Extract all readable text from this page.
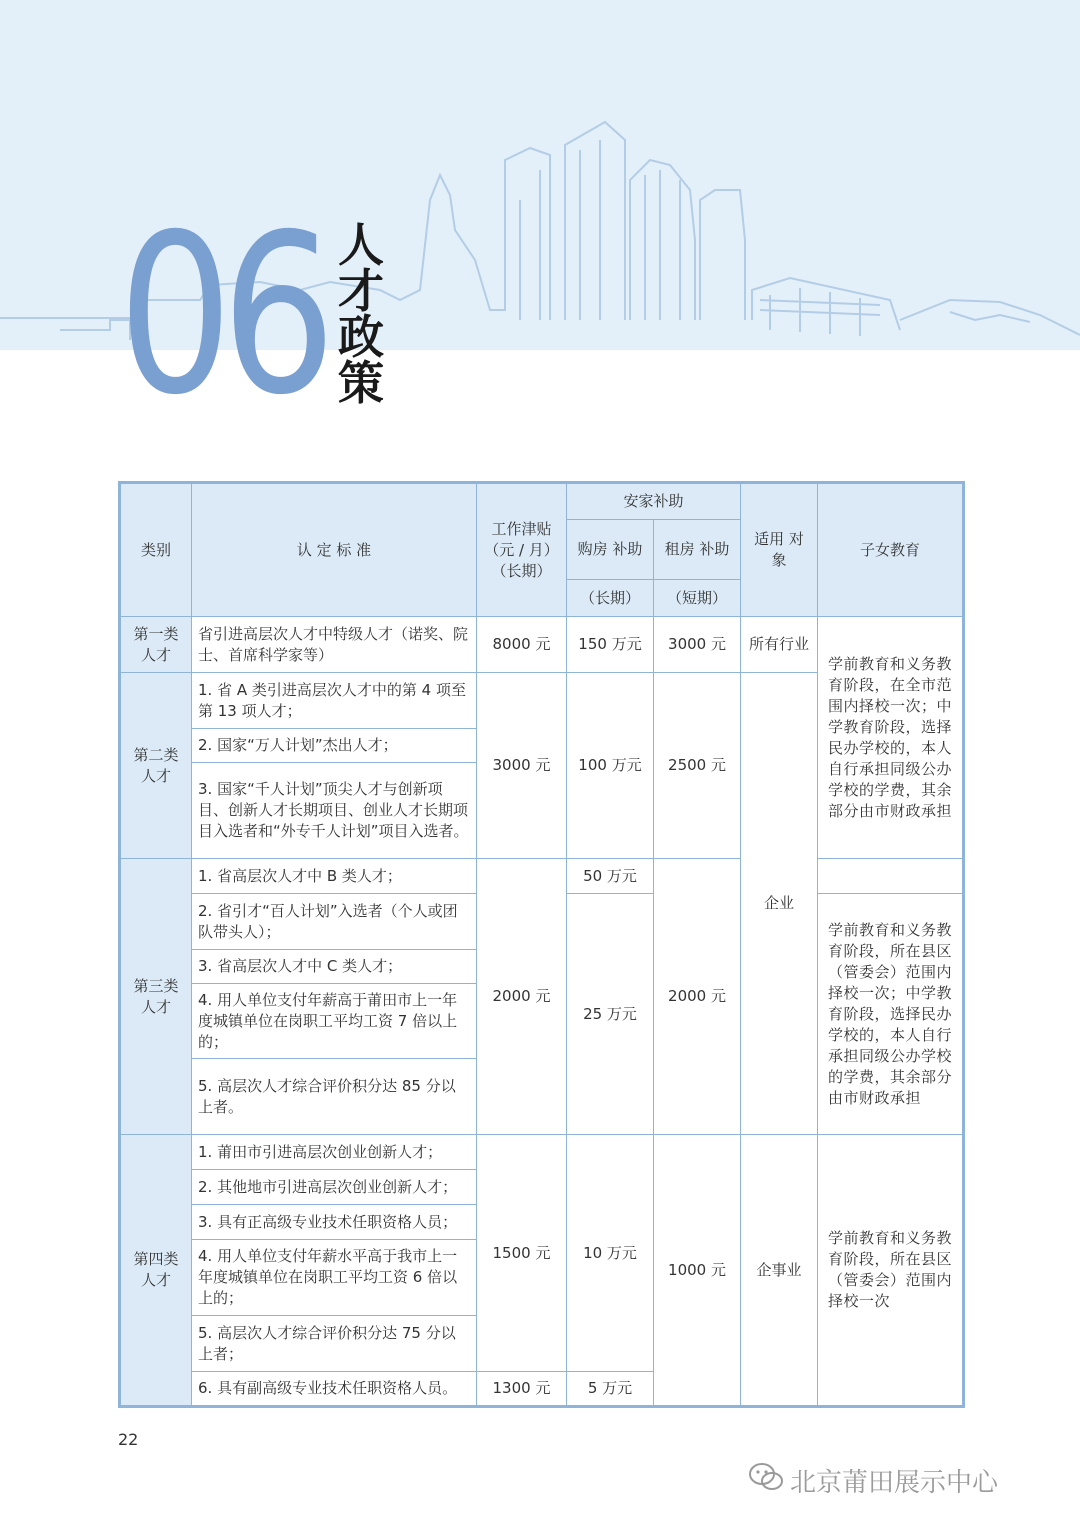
06 人
才
政
策
类别	认 定 标 准	工作津贴 （元 / 月） （长期）	安家补助		适用 对象	子女教育
			购房 补助	租房 补助		
			（长期）	（短期）		
第一类 人才	省引进高层次人才中特级人才（诺奖、院士、首席科学家等）	8000 元	150 万元	3000 元	所有行业	学前教育和义务教育阶段，在全市范围内择校一次；中学教育阶段，选择民办学校的，本人自行承担同级公办学校的学费，其余部分由市财政承担
第二类 人才	1. 省 A 类引进高层次人才中的第 4 项至第 13 项人才；	3000 元	100 万元	2500 元	企业	
	2. 国家“万人计划”杰出人才；					
	3. 国家“千人计划”顶尖人才与创新项目、创新人才长期项目、创业人才长期项目入选者和“外专千人计划”项目入选者。					
第三类 人才	1. 省高层次人才中 B 类人才；	2000 元	50 万元	2000 元		
	2. 省引才“百人计划”入选者（个人或团队带头人）；		25 万元			学前教育和义务教育阶段，所在县区（管委会）范围内择校一次；中学教育阶段，选择民办学校的，本人自行承担同级公办学校的学费，其余部分由市财政承担
	3. 省高层次人才中 C 类人才；					
	4. 用人单位支付年薪高于莆田市上一年度城镇单位在岗职工平均工资 7 倍以上的；					
	5. 高层次人才综合评价积分达 85 分以上者。					
第四类 人才	1. 莆田市引进高层次创业创新人才；	1500 元	10 万元	1000 元	企事业	学前教育和义务教育阶段，所在县区（管委会）范围内择校一次
	2. 其他地市引进高层次创业创新人才；					
	3. 具有正高级专业技术任职资格人员；					
	4. 用人单位支付年薪水平高于我市上一年度城镇单位在岗职工平均工资 6 倍以上的；					
	5. 高层次人才综合评价积分达 75 分以上者；					
	6. 具有副高级专业技术任职资格人员。	1300 元	5 万元			
22
北京莆田展示中心
